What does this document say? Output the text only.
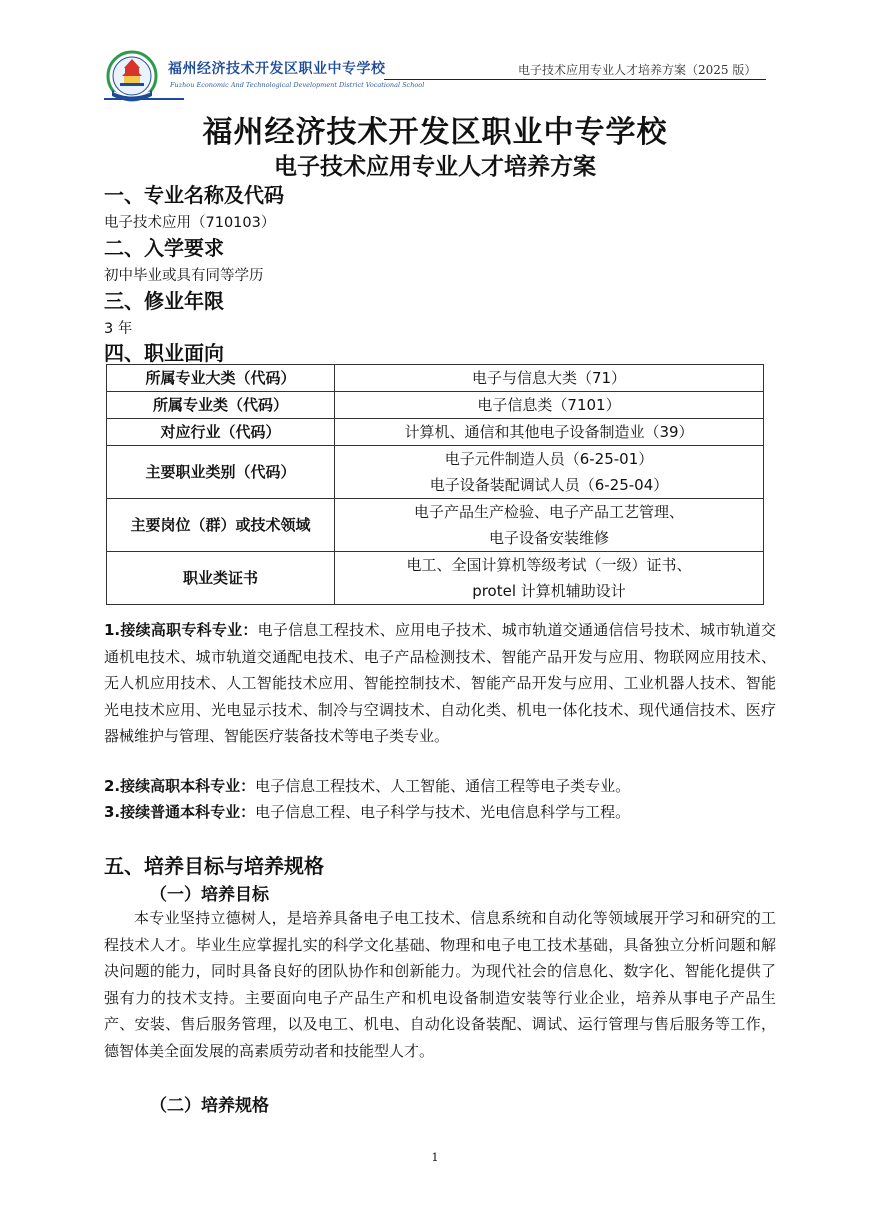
福州经济技术开发区职业中专学校
Fuzhou Economic And Technological Development District Vocational School
电子技术应用专业人才培养方案（2025 版）
福州经济技术开发区职业中专学校
电子技术应用专业人才培养方案
一、专业名称及代码
电子技术应用（710103）
二、入学要求
初中毕业或具有同等学历
三、修业年限
3 年
四、职业面向
所属专业大类（代码）	电子与信息大类（71）
所属专业类（代码）	电子信息类（7101）
对应行业（代码）	计算机、通信和其他电子设备制造业（39）
主要职业类别（代码）	电子元件制造人员（6-25-01）
电子设备装配调试人员（6-25-04）

主要岗位（群）或技术领域	电子产品生产检验、电子产品工艺管理、
电子设备安装维修

职业类证书	电工、全国计算机等级考试（一级）证书、
protel 计算机辅助设计
1.接续高职专科专业：电子信息工程技术、应用电子技术、城市轨道交通通信信号技术、城市轨道交通机电技术、城市轨道交通配电技术、电子产品检测技术、智能产品开发与应用、物联网应用技术、无人机应用技术、人工智能技术应用、智能控制技术、智能产品开发与应用、工业机器人技术、智能光电技术应用、光电显示技术、制冷与空调技术、自动化类、机电一体化技术、现代通信技术、医疗器械维护与管理、智能医疗装备技术等电子类专业。
2.接续高职本科专业：电子信息工程技术、人工智能、通信工程等电子类专业。
3.接续普通本科专业：电子信息工程、电子科学与技术、光电信息科学与工程。
五、培养目标与培养规格
（一）培养目标
本专业坚持立德树人，是培养具备电子电工技术、信息系统和自动化等领域展开学习和研究的工程技术人才。毕业生应掌握扎实的科学文化基础、物理和电子电工技术基础，具备独立分析问题和解决问题的能力，同时具备良好的团队协作和创新能力。为现代社会的信息化、数字化、智能化提供了强有力的技术支持。主要面向电子产品生产和机电设备制造安装等行业企业，培养从事电子产品生产、安装、售后服务管理，以及电工、机电、自动化设备装配、调试、运行管理与售后服务等工作，德智体美全面发展的高素质劳动者和技能型人才。
（二）培养规格
1
